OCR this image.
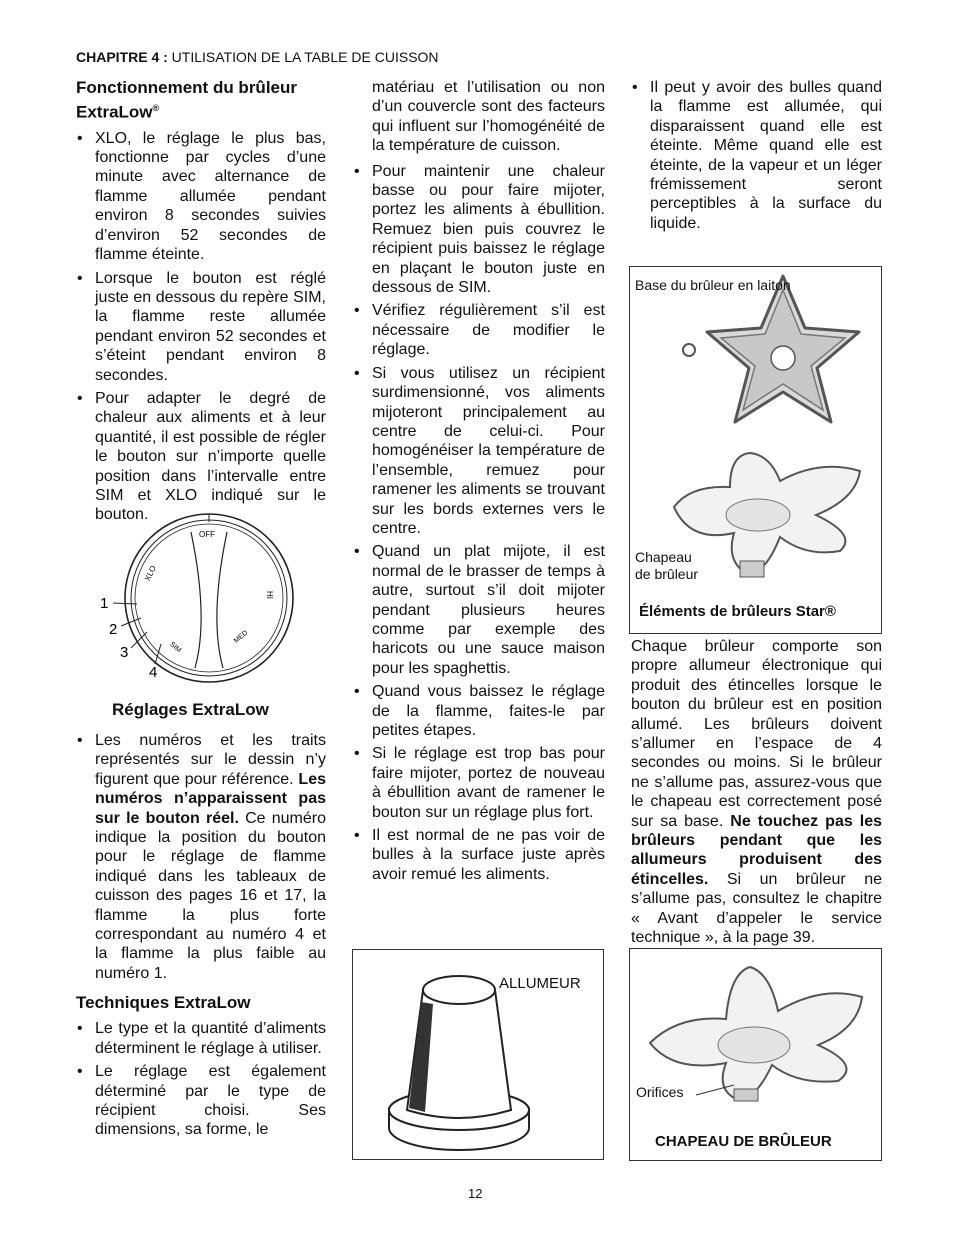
CHAPITRE 4 : UTILISATION DE LA TABLE DE CUISSON
Fonctionnement du brûleur ExtraLow®
• XLO, le réglage le plus bas, fonctionne par cycles d’une minute avec alternance de flamme allumée pendant environ 8 secondes suivies d’environ 52 secondes de flamme éteinte.
• Lorsque le bouton est réglé juste en dessous du repère SIM, la flamme reste allumée pendant environ 52 secondes et s’éteint pendant environ 8 secondes.
• Pour adapter le degré de chaleur aux aliments et à leur quantité, il est possible de régler le bouton sur n’importe quelle position dans l’intervalle entre SIM et XLO indiqué sur le bouton.
OFF
XLO
HI
SIM
MED
1
2
3
4
Réglages ExtraLow
• Les numéros et les traits représentés sur le dessin n’y figurent que pour référence. Les numéros n’apparaissent pas sur le bouton réel. Ce numéro indique la position du bouton pour le réglage de flamme indiqué dans les tableaux de cuisson des pages 16 et 17, la flamme la plus forte correspondant au numéro 4 et la flamme la plus faible au numéro 1.
Techniques ExtraLow
• Le type et la quantité d’aliments déterminent le réglage à utiliser.
• Le réglage est également déterminé par le type de récipient choisi. Ses dimensions, sa forme, le

matériau et l’utilisation ou non d’un couvercle sont des facteurs qui influent sur l’homogénéité de la température de cuisson.

• Pour maintenir une chaleur basse ou pour faire mijoter, portez les aliments à ébullition. Remuez bien puis couvrez le récipient puis baissez le réglage en plaçant le bouton juste en dessous de SIM.
• Vérifiez régulièrement s’il est nécessaire de modifier le réglage.
• Si vous utilisez un récipient surdimensionné, vos aliments mijoteront principalement au centre de celui-ci. Pour homogénéiser la température de l’ensemble, remuez pour ramener les aliments se trouvant sur les bords externes vers le centre.
• Quand un plat mijote, il est normal de le brasser de temps à autre, surtout s’il doit mijoter pendant plusieurs heures comme par exemple des haricots ou une sauce maison pour les spaghettis.
• Quand vous baissez le réglage de la flamme, faites-le par petites étapes.
• Si le réglage est trop bas pour faire mijoter, portez de nouveau à ébullition avant de ramener le bouton sur un réglage plus fort.
• Il est normal de ne pas voir de bulles à la surface juste après avoir remué les aliments.
ALLUMEUR
• Il peut y avoir des bulles quand la flamme est allumée, qui disparaissent quand elle est éteinte. Même quand elle est éteinte, de la vapeur et un léger frémissement seront perceptibles à la surface du liquide.
Base du brûleur en laiton
Chapeau de brûleur
Éléments de brûleurs Star®

Chaque brûleur comporte son propre allumeur électronique qui produit des étincelles lorsque le bouton du brûleur est en position allumé. Les brûleurs doivent s’allumer en l’espace de 4 secondes ou moins. Si le brûleur ne s’allume pas, assurez-vous que le chapeau est correctement posé sur sa base. Ne touchez pas les brûleurs pendant que les allumeurs produisent des étincelles. Si un brûleur ne s’allume pas, consultez le chapitre « Avant d’appeler le service technique », à la page 39.

Orifices
CHAPEAU DE BRÛLEUR
12
